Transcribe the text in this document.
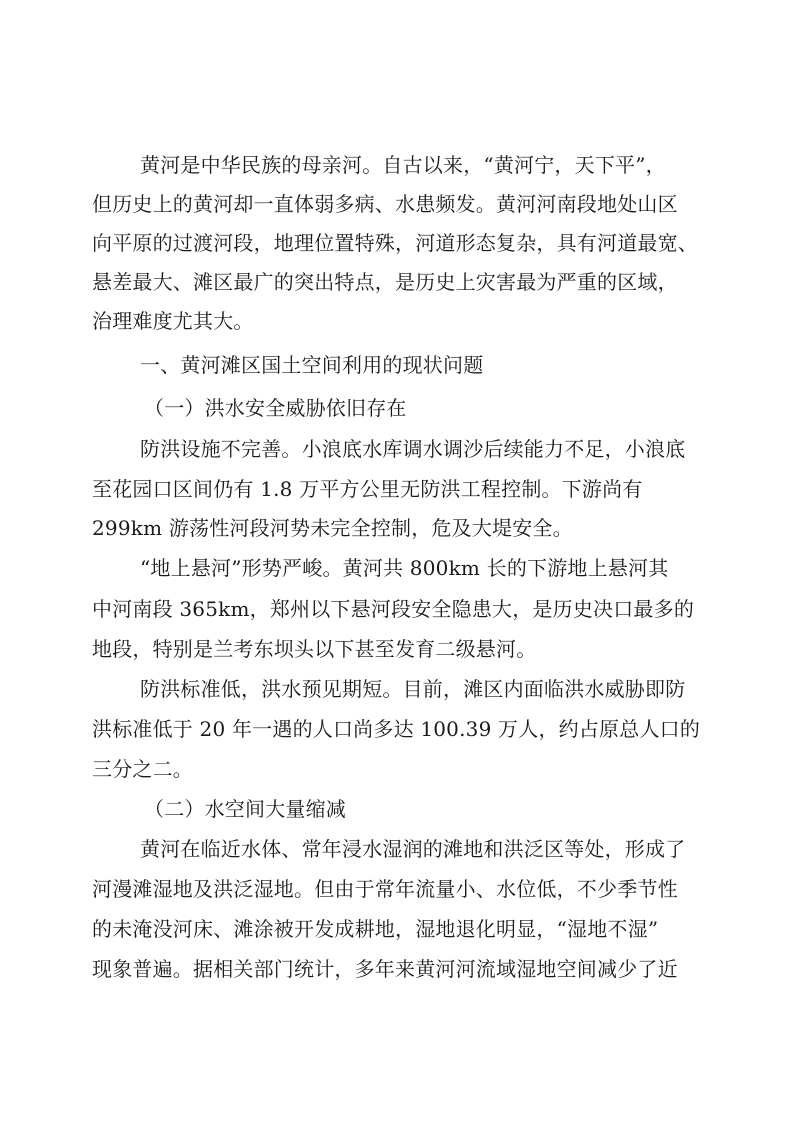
黄河是中华民族的母亲河。自古以来，“黄河宁，天下平”，
但历史上的黄河却一直体弱多病、水患频发。黄河河南段地处山区
向平原的过渡河段，地理位置特殊，河道形态复杂，具有河道最宽、
悬差最大、滩区最广的突出特点，是历史上灾害最为严重的区域，
治理难度尤其大。
一、黄河滩区国土空间利用的现状问题
（一）洪水安全威胁依旧存在
防洪设施不完善。小浪底水库调水调沙后续能力不足，小浪底
至花园口区间仍有 1.8 万平方公里无防洪工程控制。下游尚有
299km 游荡性河段河势未完全控制，危及大堤安全。
“地上悬河”形势严峻。黄河共 800km 长的下游地上悬河其
中河南段 365km，郑州以下悬河段安全隐患大，是历史决口最多的
地段，特别是兰考东坝头以下甚至发育二级悬河。
防洪标准低，洪水预见期短。目前，滩区内面临洪水威胁即防
洪标准低于 20 年一遇的人口尚多达 100.39 万人，约占原总人口的
三分之二。
（二）水空间大量缩减
黄河在临近水体、常年浸水湿润的滩地和洪泛区等处，形成了
河漫滩湿地及洪泛湿地。但由于常年流量小、水位低，不少季节性
的未淹没河床、滩涂被开发成耕地，湿地退化明显，“湿地不湿”
现象普遍。据相关部门统计，多年来黄河河流域湿地空间减少了近
